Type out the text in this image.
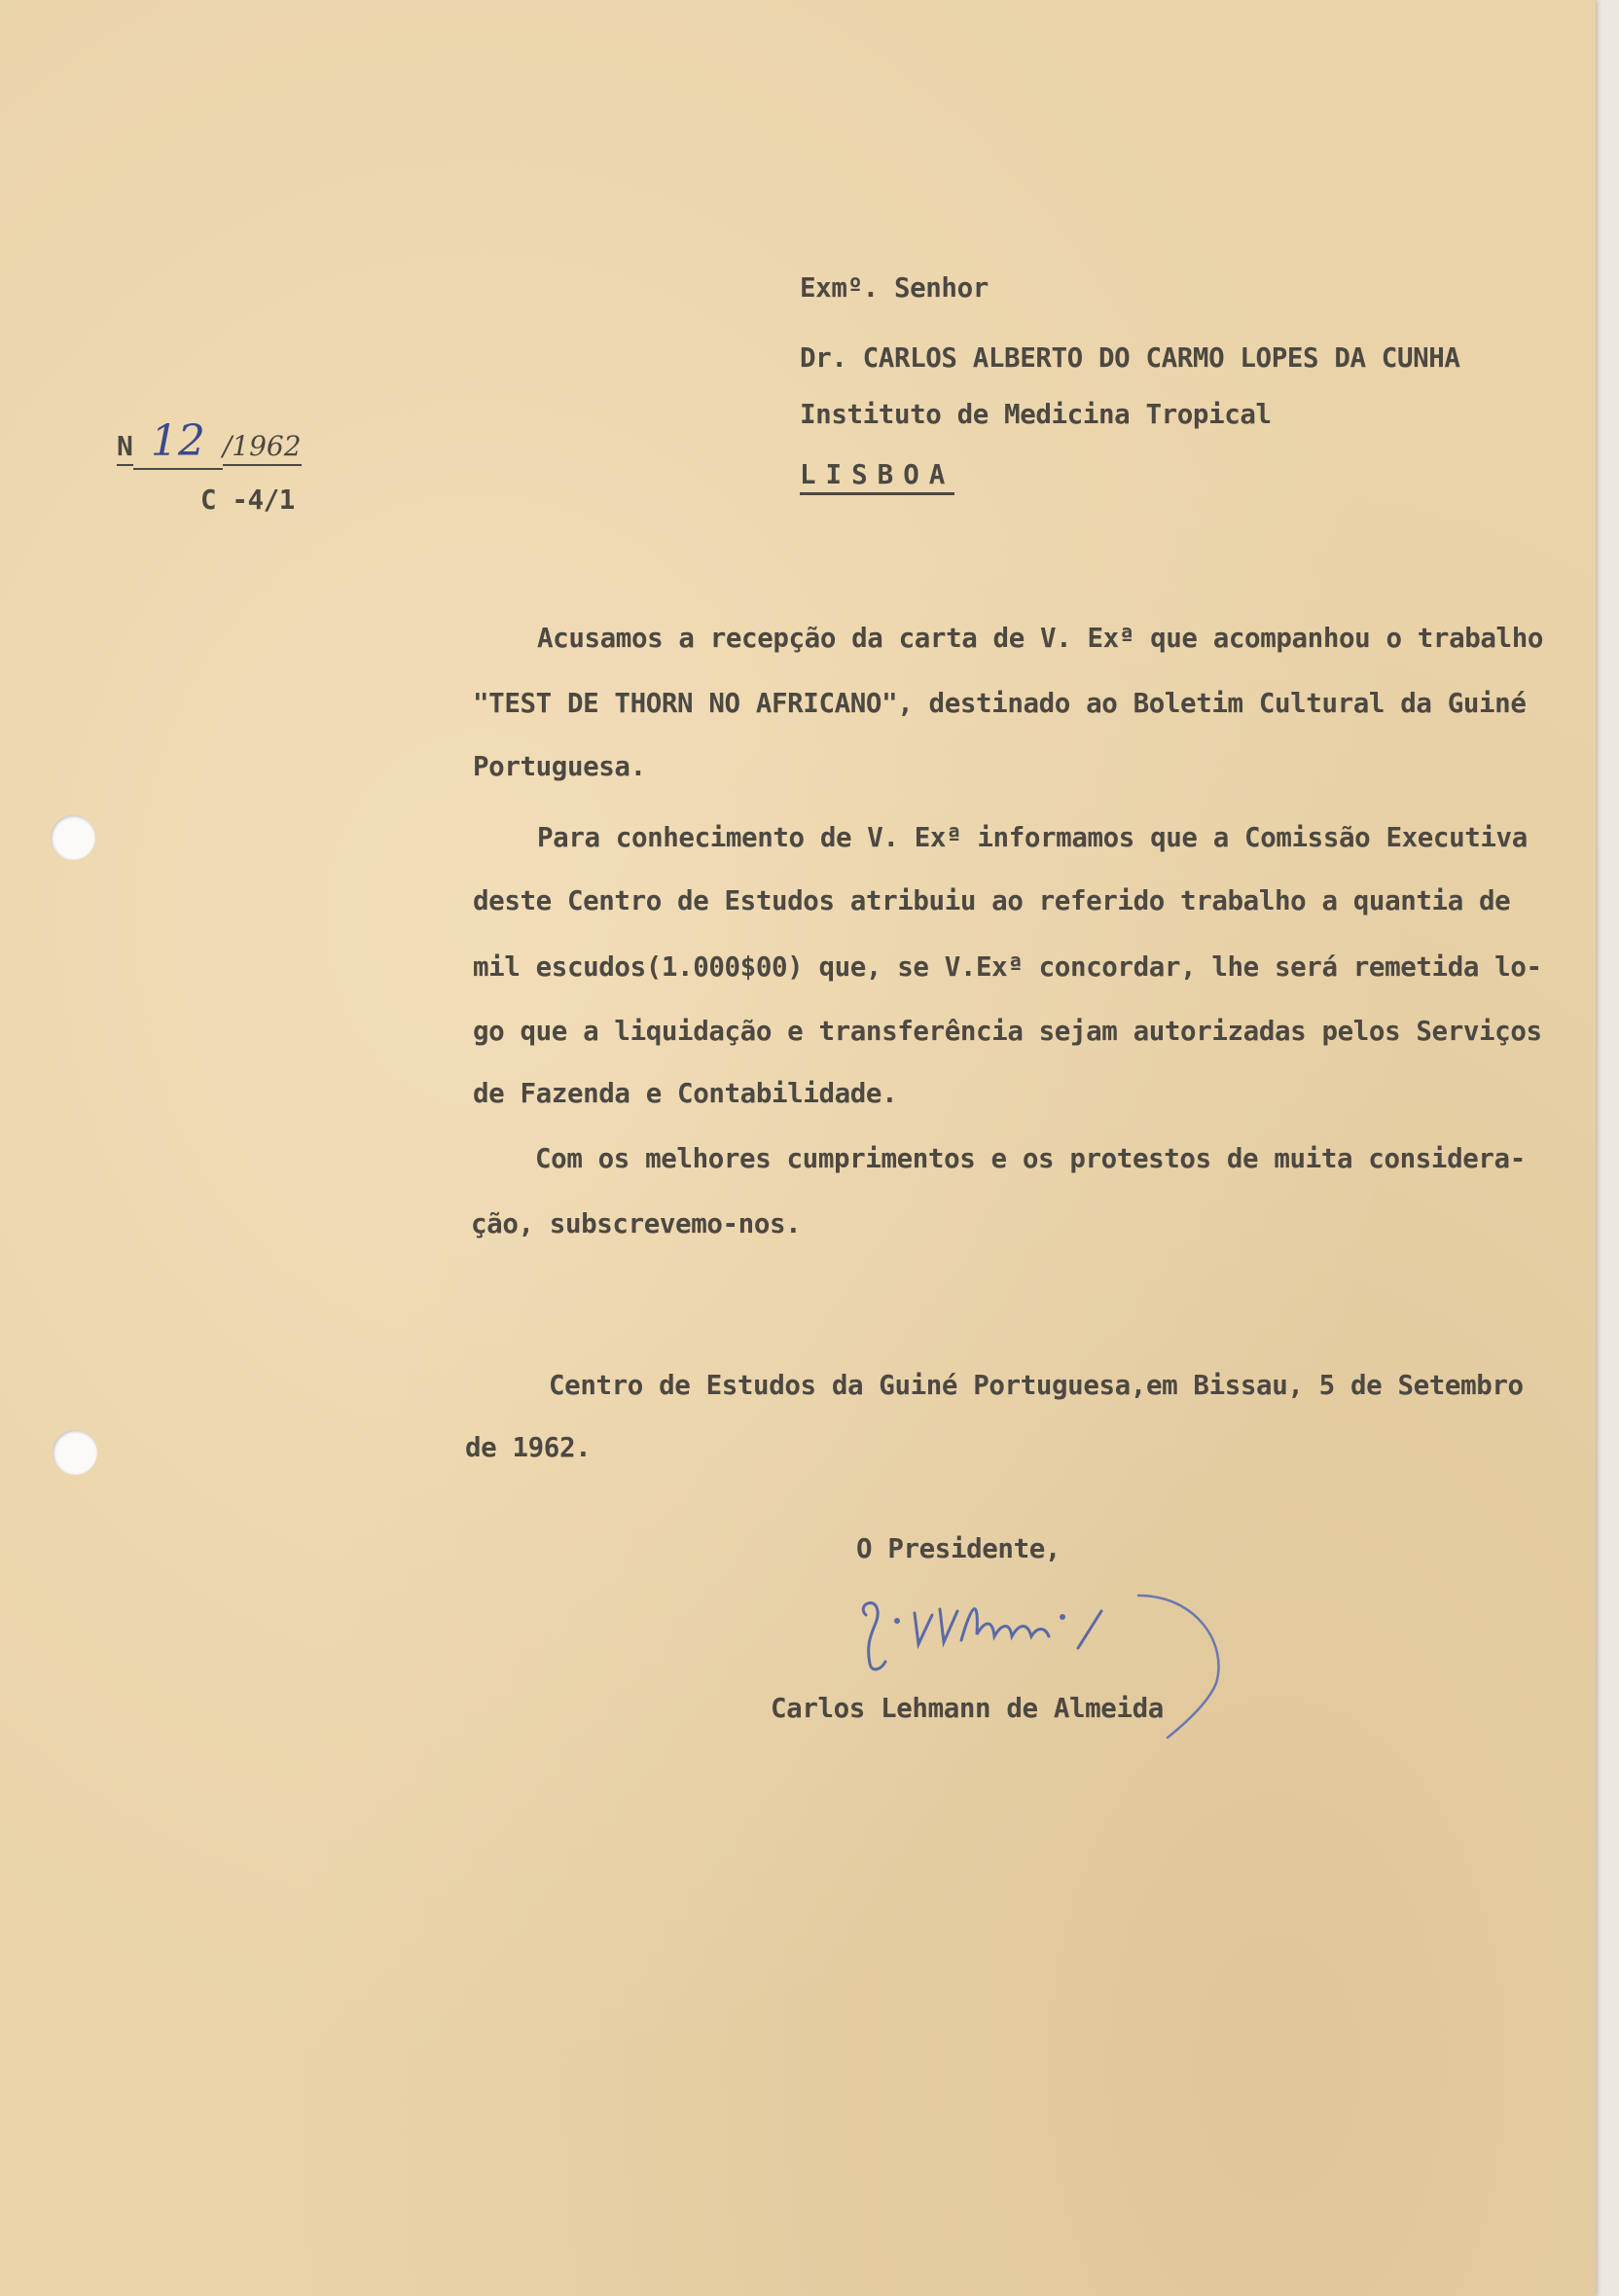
N 12 /1962
C -4/1
Exmº. Senhor
Dr. CARLOS ALBERTO DO CARMO LOPES DA CUNHA
Instituto de Medicina Tropical
LISBOA
Acusamos a recepção da carta de V. Exª que acompanhou o trabalho
"TEST DE THORN NO AFRICANO", destinado ao Boletim Cultural da Guiné
Portuguesa.
Para conhecimento de V. Exª informamos que a Comissão Executiva
deste Centro de Estudos atribuiu ao referido trabalho a quantia de
mil escudos(1.000$00) que, se V.Exª concordar, lhe será remetida lo-
go que a liquidação e transferência sejam autorizadas pelos Serviços
de Fazenda e Contabilidade.
Com os melhores cumprimentos e os protestos de muita considera-
ção, subscrevemo-nos.
Centro de Estudos da Guiné Portuguesa,em Bissau, 5 de Setembro
de 1962.
O Presidente,
Carlos Lehmann de Almeida
